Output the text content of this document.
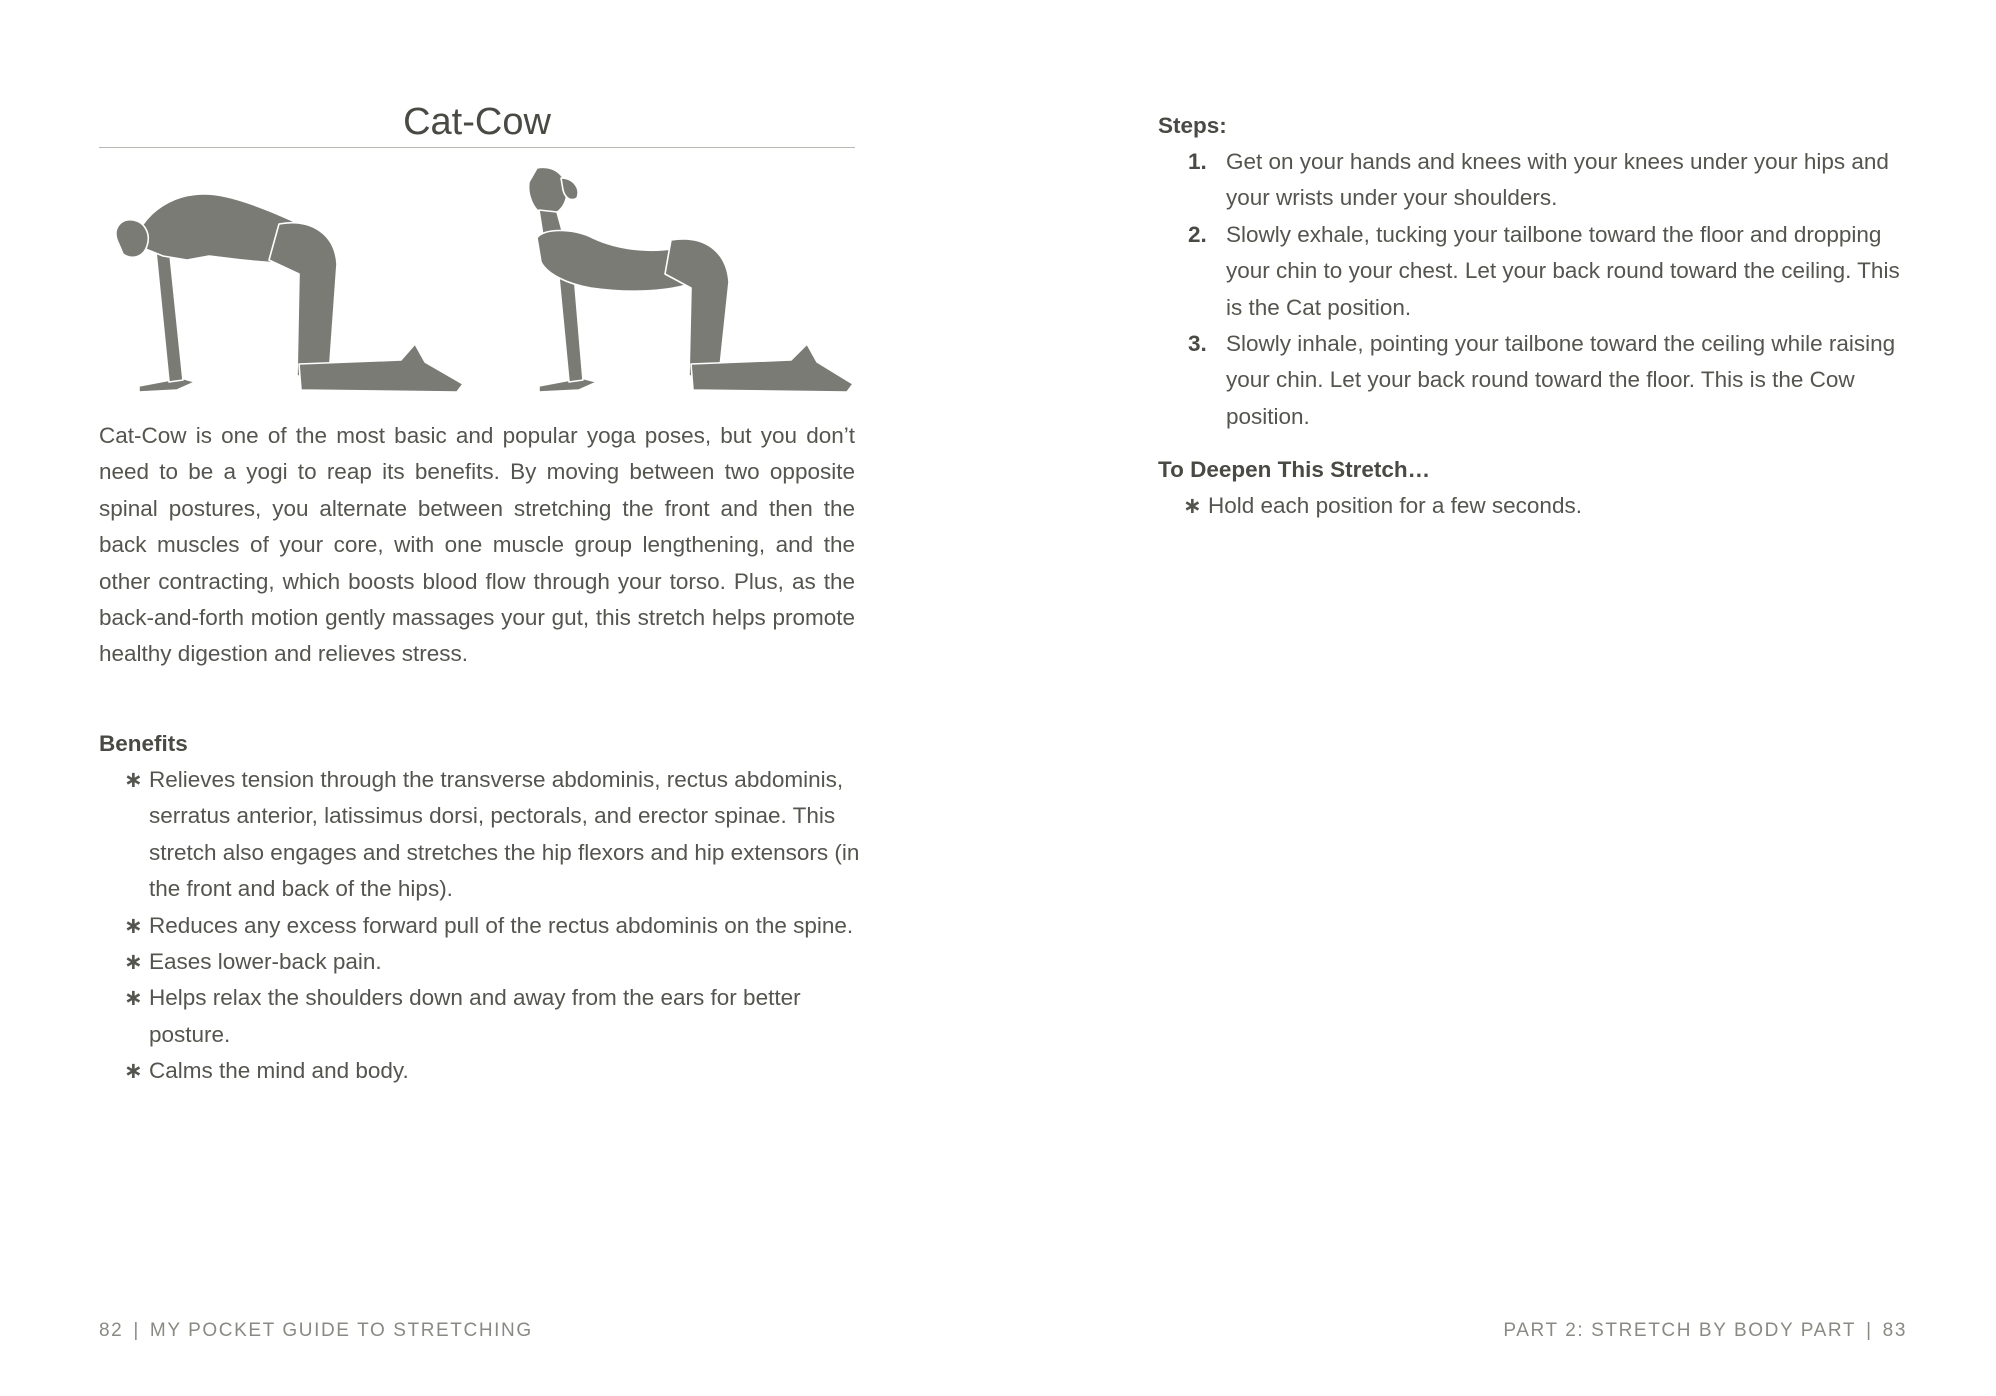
Cat-Cow

Cat-Cow is one of the most basic and popular yoga poses, but you don’t need to be a yogi to reap its benefits. By moving between two opposite spinal postures, you alternate between stretching the front and then the back muscles of your core, with one muscle group lengthening, and the other contracting, which boosts blood flow through your torso. Plus, as the back-and-forth motion gently massages your gut, this stretch helps promote healthy digestion and relieves stress.

Benefits
∗ Relieves tension through the transverse abdominis, rectus abdominis, serratus anterior, latissimus dorsi, pectorals, and erector spinae. This stretch also engages and stretches the hip flexors and hip extensors (in the front and back of the hips).
∗ Reduces any excess forward pull of the rectus abdominis on the spine.
∗ Eases lower-back pain.
∗ Helps relax the shoulders down and away from the ears for better posture.
∗ Calms the mind and body.
Steps:
1. Get on your hands and knees with your knees under your hips and your wrists under your shoulders.
2. Slowly exhale, tucking your tailbone toward the floor and dropping your chin to your chest. Let your back round toward the ceiling. This is the Cat position.
3. Slowly inhale, pointing your tailbone toward the ceiling while raising your chin. Let your back round toward the floor. This is the Cow position.
To Deepen This Stretch…
∗ Hold each position for a few seconds.
82 | MY POCKET GUIDE TO STRETCHING	PART 2: STRETCH BY BODY PART | 83
